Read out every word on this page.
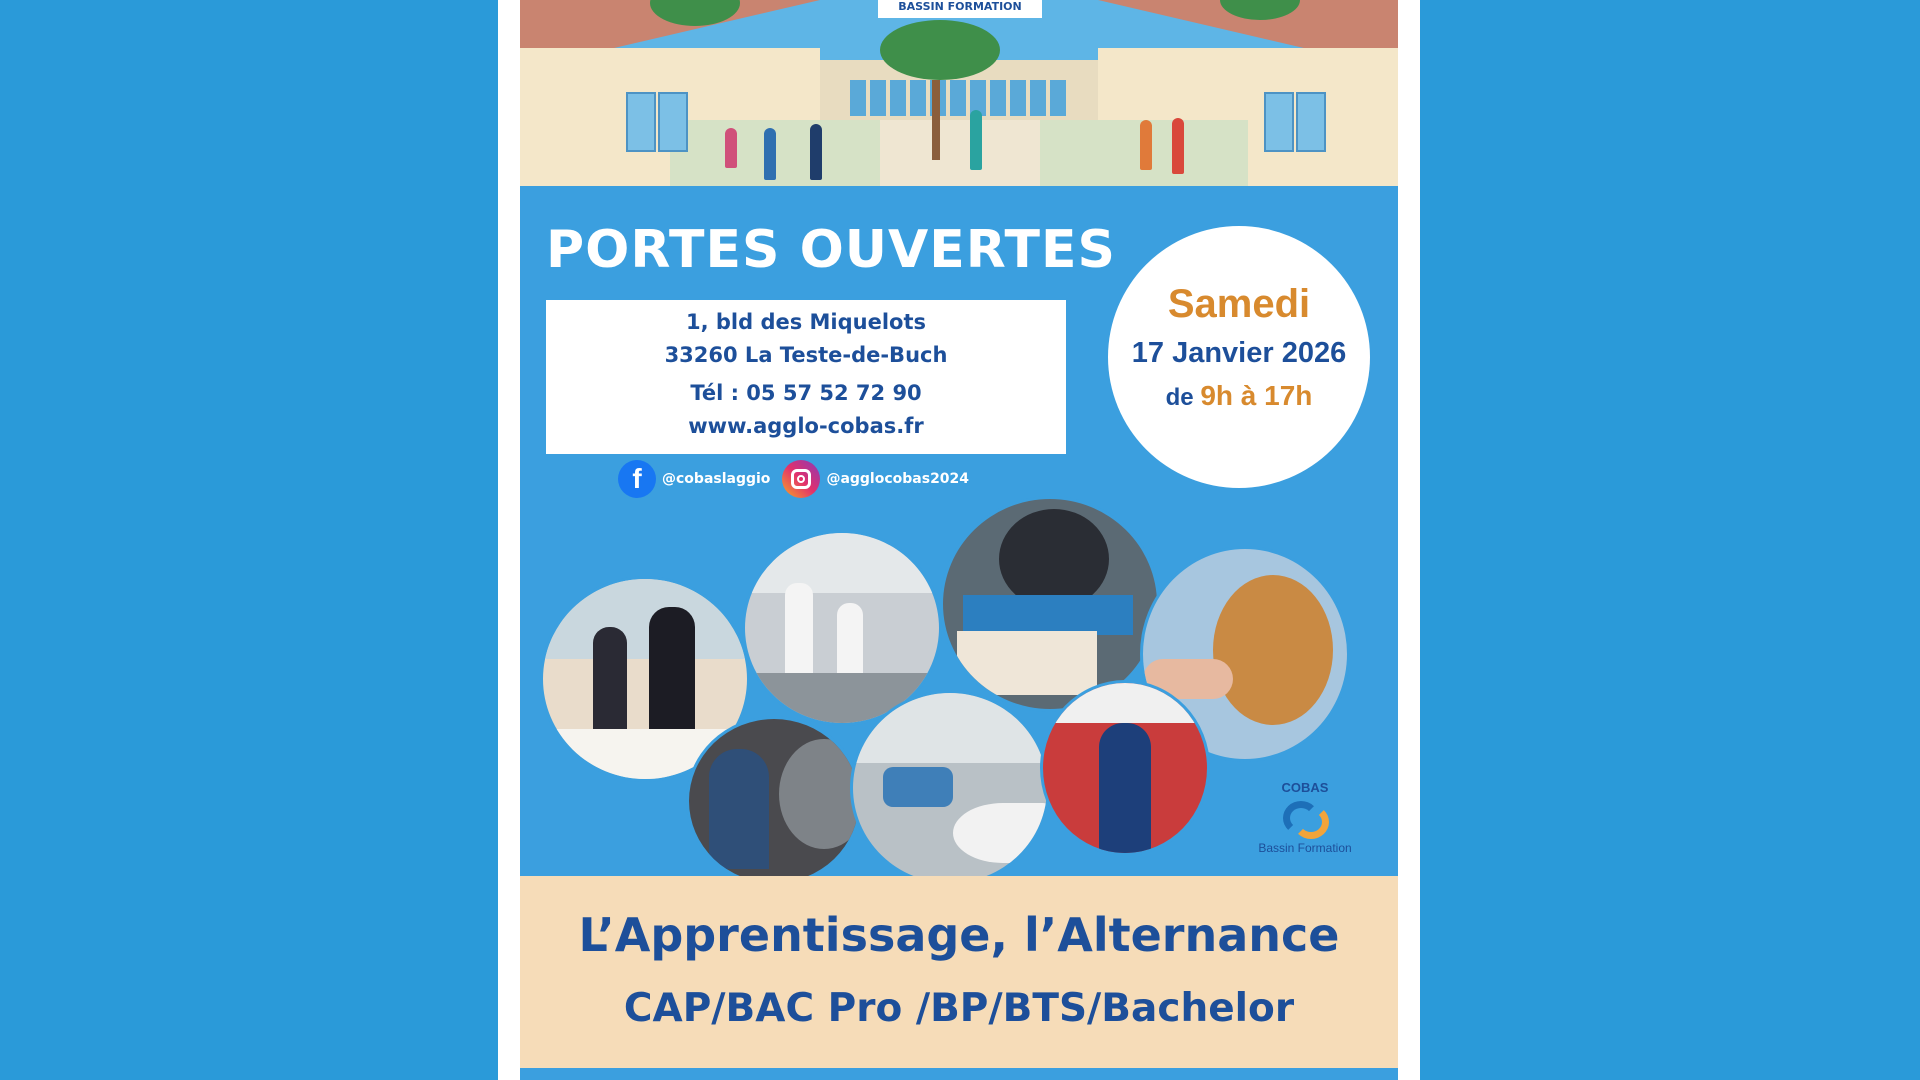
BASSIN FORMATION
PORTES OUVERTES
1, bld des Miquelots
33260 La Teste-de-Buch
Tél : 05 57 52 72 90
www.agglo-cobas.fr
f	@cobaslaggio	@agglocobas2024
Samedi
17 Janvier 2026
de 9h à 17h
COBAS
Bassin Formation
L’Apprentissage, l’Alternance
CAP/BAC Pro /BP/BTS/Bachelor
